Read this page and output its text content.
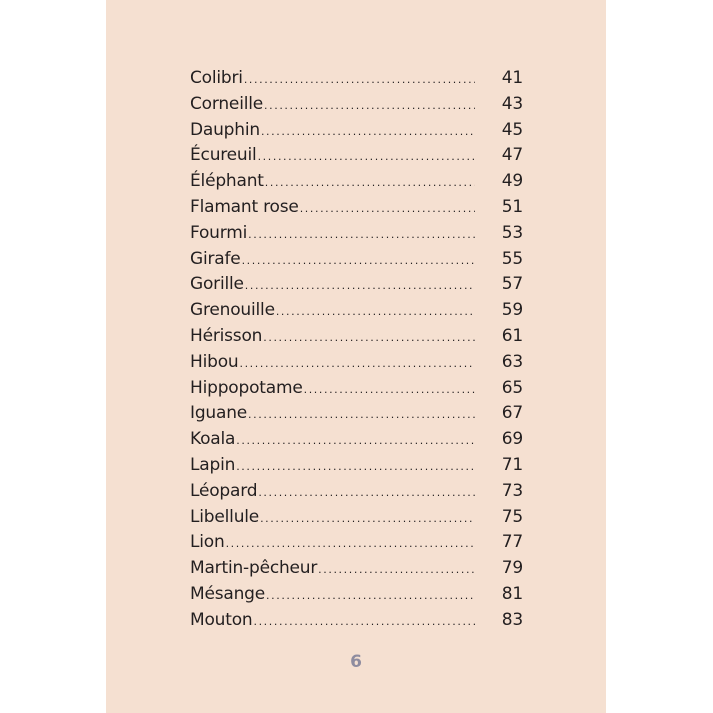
Colibri .....	41
Corneille .....	43
Dauphin .....	45
Écureuil .....	47
Éléphant .....	49
Flamant rose .....	51
Fourmi .....	53
Girafe .....	55
Gorille .....	57
Grenouille .....	59
Hérisson .....	61
Hibou .....	63
Hippopotame .....	65
Iguane .....	67
Koala .....	69
Lapin .....	71
Léopard .....	73
Libellule .....	75
Lion .....	77
Martin-pêcheur .....	79
Mésange .....	81
Mouton .....	83
6
